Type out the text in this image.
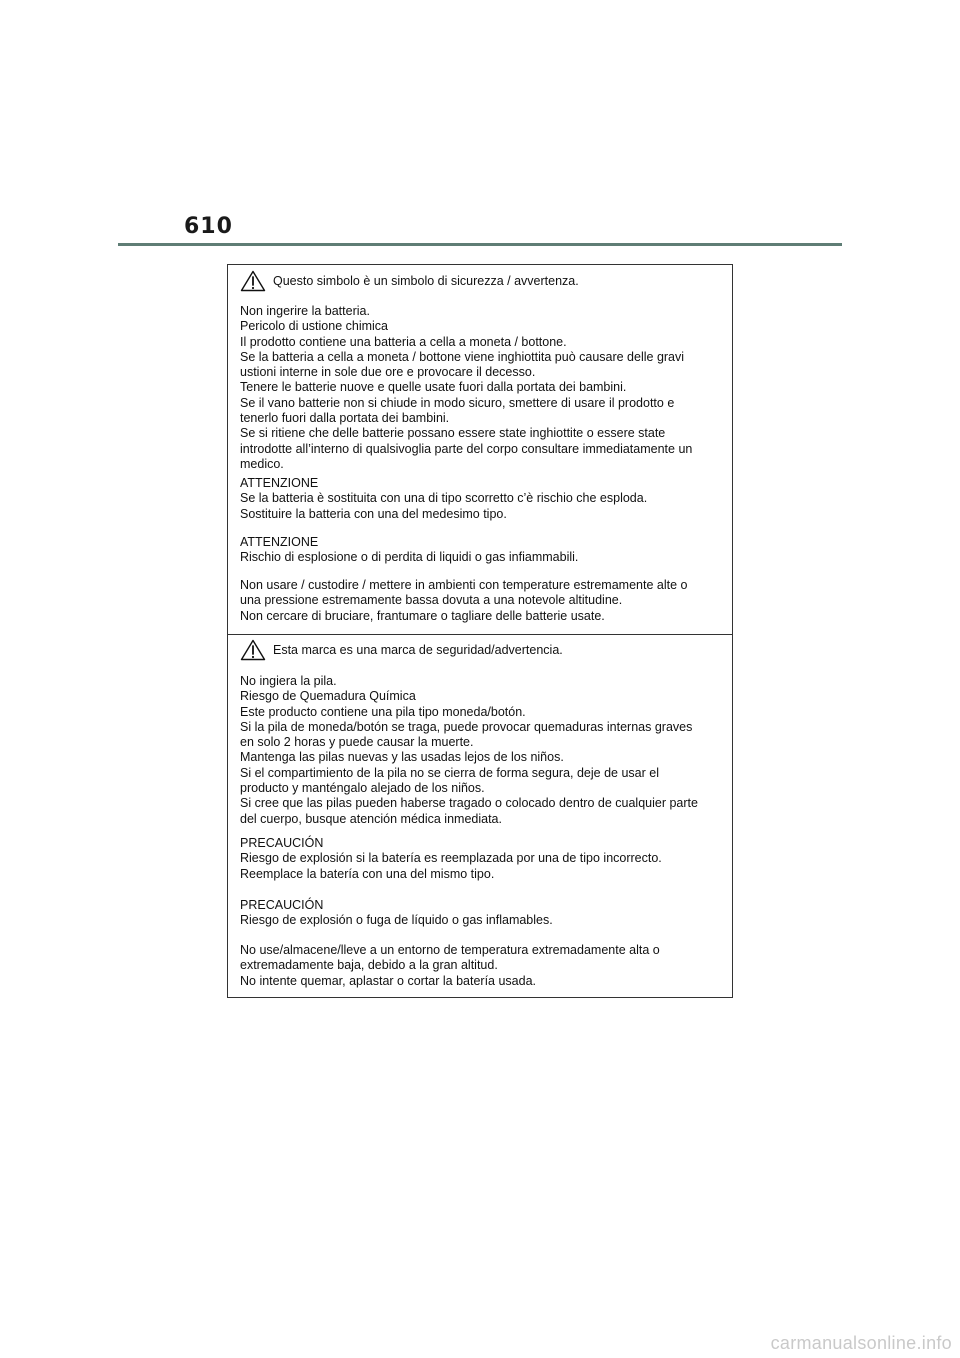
610
Questo simbolo è un simbolo di sicurezza / avvertenza.
Non ingerire la batteria.
Pericolo di ustione chimica
Il prodotto contiene una batteria a cella a moneta / bottone.
Se la batteria a cella a moneta / bottone viene inghiottita può causare delle gravi
ustioni interne in sole due ore e provocare il decesso.
Tenere le batterie nuove e quelle usate fuori dalla portata dei bambini.
Se il vano batterie non si chiude in modo sicuro, smettere di usare il prodotto e
tenerlo fuori dalla portata dei bambini.
Se si ritiene che delle batterie possano essere state inghiottite o essere state
introdotte all’interno di qualsivoglia parte del corpo consultare immediatamente un
medico.
ATTENZIONE
Se la batteria è sostituita con una di tipo scorretto c’è rischio che esploda.
Sostituire la batteria con una del medesimo tipo.
ATTENZIONE
Rischio di esplosione o di perdita di liquidi o gas infiammabili.
Non usare / custodire / mettere in ambienti con temperature estremamente alte o
una pressione estremamente bassa dovuta a una notevole altitudine.
Non cercare di bruciare, frantumare o tagliare delle batterie usate.
Esta marca es una marca de seguridad/advertencia.
No ingiera la pila.
Riesgo de Quemadura Química
Este producto contiene una pila tipo moneda/botón.
Si la pila de moneda/botón se traga, puede provocar quemaduras internas graves
en solo 2 horas y puede causar la muerte.
Mantenga las pilas nuevas y las usadas lejos de los niños.
Si el compartimiento de la pila no se cierra de forma segura, deje de usar el
producto y manténgalo alejado de los niños.
Si cree que las pilas pueden haberse tragado o colocado dentro de cualquier parte
del cuerpo, busque atención médica inmediata.
PRECAUCIÓN
Riesgo de explosión si la batería es reemplazada por una de tipo incorrecto.
Reemplace la batería con una del mismo tipo.
PRECAUCIÓN
Riesgo de explosión o fuga de líquido o gas inflamables.
No use/almacene/lleve a un entorno de temperatura extremadamente alta o
extremadamente baja, debido a la gran altitud.
No intente quemar, aplastar o cortar la batería usada.
carmanualsonline.info
